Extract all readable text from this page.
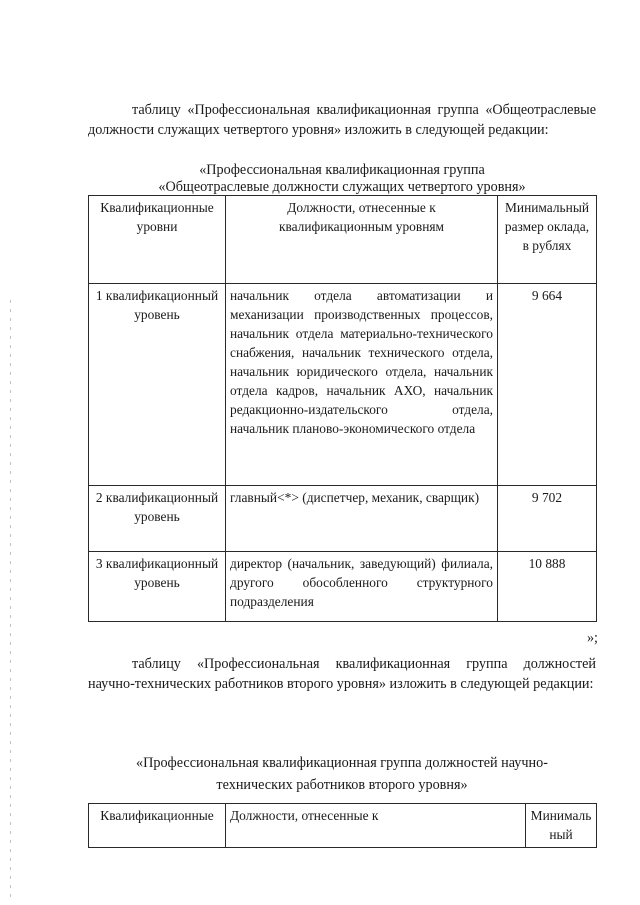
таблицу «Профессиональная квалификационная группа «Общеотраслевые должности служащих четвертого уровня» изложить в следующей редакции:

«Профессиональная квалификационная группа
«Общеотраслевые должности служащих четвертого уровня»
Квалификационные уровни	Должности, отнесенные к квалификационным уровням	Минимальный размер оклада, в рублях
1 квалификационный уровень	начальник отдела автоматизации и механизации производственных процессов, начальник отдела материально-технического снабжения, начальник технического отдела, начальник юридического отдела, начальник отдела кадров, начальник АХО, начальник редакционно-издательского отдела, начальник планово-экономического отдела	9 664
2 квалификационный уровень	главный<*> (диспетчер, механик, сварщик)	9 702
3 квалификационный уровень	директор (начальник, заведующий) филиала, другого обособленного структурного подразделения	10 888
»;

таблицу «Профессиональная квалификационная группа должностей научно-технических работников второго уровня» изложить в следующей редакции:

«Профессиональная квалификационная группа должностей научно-
технических работников второго уровня»
Квалификационные	Должности, отнесенные к	Минимальный
